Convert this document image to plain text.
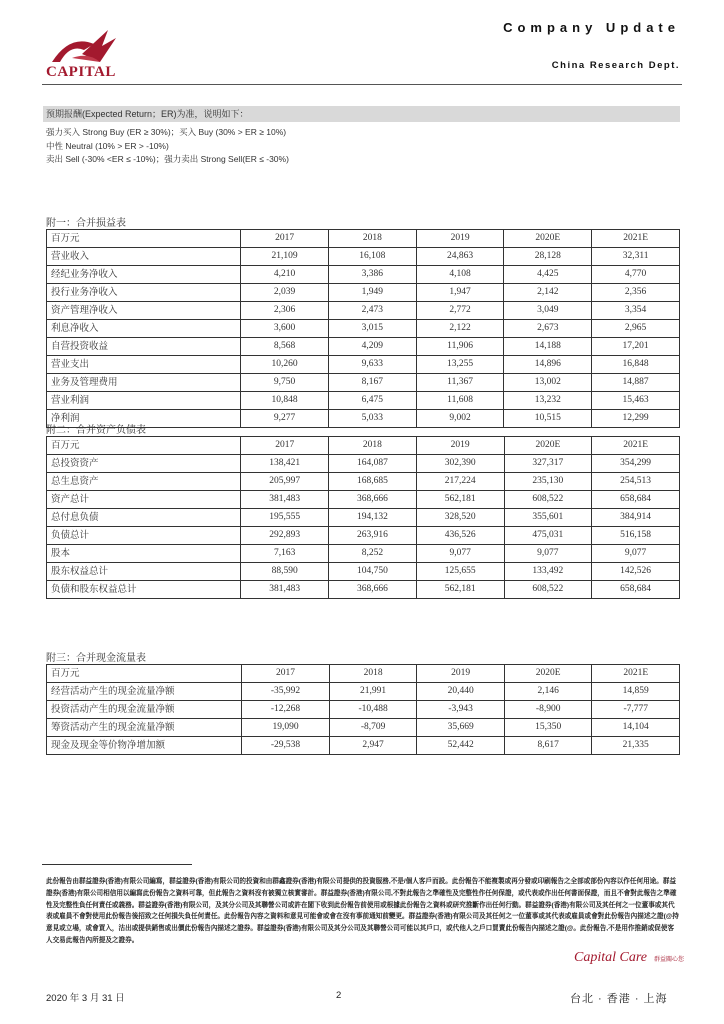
CAPITAL
Company Update
China Research Dept.
预期报酬(Expected Return；ER)为准，说明如下：
强力买入 Strong Buy (ER ≥ 30%)；买入 Buy (30% > ER ≥ 10%)
中性 Neutral (10% > ER > -10%)
卖出 Sell (-30% <ER ≤ -10%)；强力卖出 Strong Sell(ER ≤ -30%)
附一：合并损益表
百万元	2017	2018	2019	2020E	2021E
营业收入	21,109	16,108	24,863	28,128	32,311
经纪业务净收入	4,210	3,386	4,108	4,425	4,770
投行业务净收入	2,039	1,949	1,947	2,142	2,356
资产管理净收入	2,306	2,473	2,772	3,049	3,354
利息净收入	3,600	3,015	2,122	2,673	2,965
自营投资收益	8,568	4,209	11,906	14,188	17,201
营业支出	10,260	9,633	13,255	14,896	16,848
业务及管理费用	9,750	8,167	11,367	13,002	14,887
营业利润	10,848	6,475	11,608	13,232	15,463
净利润	9,277	5,033	9,002	10,515	12,299
附二：合并资产负债表
百万元	2017	2018	2019	2020E	2021E
总投资资产	138,421	164,087	302,390	327,317	354,299
总生息资产	205,997	168,685	217,224	235,130	254,513
资产总计	381,483	368,666	562,181	608,522	658,684
总付息负债	195,555	194,132	328,520	355,601	384,914
负债总计	292,893	263,916	436,526	475,031	516,158
股本	7,163	8,252	9,077	9,077	9,077
股东权益总计	88,590	104,750	125,655	133,492	142,526
负债和股东权益总计	381,483	368,666	562,181	608,522	658,684
附三：合并现金流量表
百万元	2017	2018	2019	2020E	2021E
经营活动产生的现金流量净额	-35,992	21,991	20,440	2,146	14,859
投资活动产生的现金流量净额	-12,268	-10,488	-3,943	-8,900	-7,777
筹资活动产生的现金流量净额	19,090	-8,709	35,669	15,350	14,104
现金及现金等价物净增加额	-29,538	2,947	52,442	8,617	21,335
此份報告由群益證券(香港)有限公司編寫，群益證券(香港)有限公司的投資和由群鑫證券(香港)有限公司提供的投資服務,不是/個人客戶而設。此份報告不能複製或再分發或印刷報告之全部或部份內容以作任何用途。群益證券(香港)有限公司相信用以編寫此份報告之資料可靠，但此報告之資料沒有被獨立核實審計。群益證券(香港)有限公司,不對此報告之準確性及完整性作任何保證，或代表或作出任何書面保證，而且不會對此報告之準確性及完整性負任何責任或義務。群益證券(香港)有限公司，及其分公司及其聯營公司或許在閣下收到此份報告前使用或根據此份報告之資料或研究推斷作出任何行動。群益證券(香港)有限公司及其任何之一位董事或其代表或雇員不會對使用此份報告後招致之任何損失負任何責任。此份報告內容之資料和意見可能會或會在沒有事前通知前變更。群益證券(香港)有限公司及其任何之一位董事或其代表或雇員或會對此份報告內描述之證(@持意見或立場，或會買入，沽出或提供銷售或出價此份報告內描述之證券。群益證券(香港)有限公司及其分公司及其聯營公司可能以其戶口，或代他人之戶口買賣此份報告內描述之證(@。此份報告,不是用作推銷或促使客人交易此報告內所提及之證券。
Capital Care 群益關心您
2020 年 3 月 31 日	2	台北 · 香港 · 上海
